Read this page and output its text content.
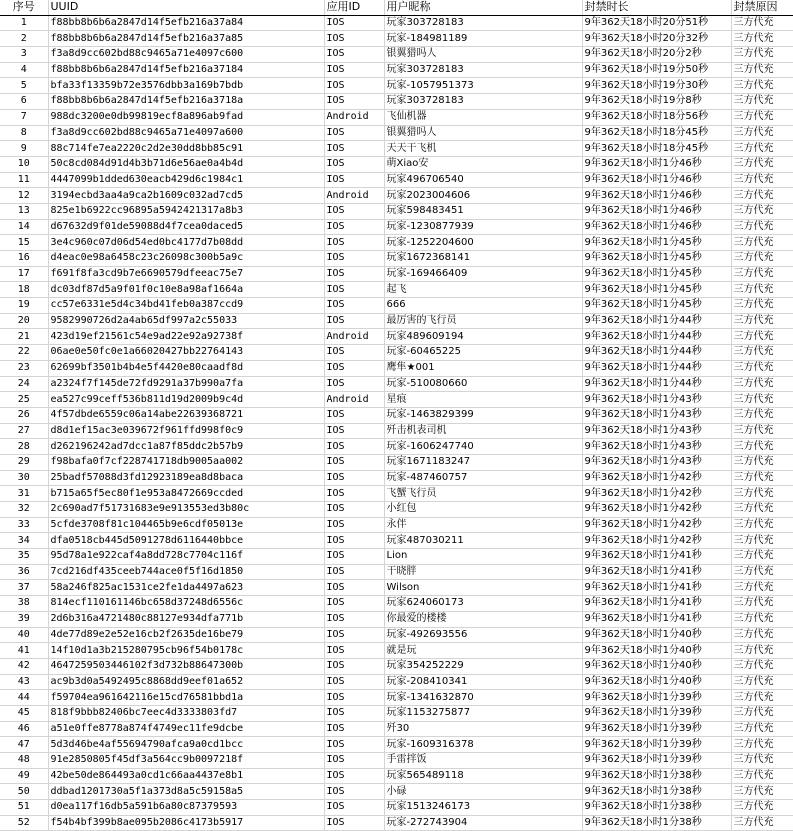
序号	UUID	应用ID	用户昵称	封禁时长	封禁原因
1	f88bb8b6b6a2847d14f5efb216a37a84	IOS	玩家303728183	9年362天18小时20分51秒	三方代充
2	f88bb8b6b6a2847d14f5efb216a37a85	IOS	玩家-184981189	9年362天18小时20分32秒	三方代充
3	f3a8d9cc602bd88c9465a71e4097c600	IOS	银翼猎吗人	9年362天18小时20分2秒	三方代充
4	f88bb8b6b6a2847d14f5efb216a37184	IOS	玩家303728183	9年362天18小时19分50秒	三方代充
5	bfa33f13359b72e3576dbb3a169b7bdb	IOS	玩家-1057951373	9年362天18小时19分30秒	三方代充
6	f88bb8b6b6a2847d14f5efb216a3718a	IOS	玩家303728183	9年362天18小时19分8秒	三方代充
7	988dc3200e0db99819ecf8a896ab9fad	Android	飞仙机器	9年362天18小时18分56秒	三方代充
8	f3a8d9cc602bd88c9465a71e4097a600	IOS	银翼猎吗人	9年362天18小时18分45秒	三方代充
9	88c714fe7ea2220c2d2e30dd8bb85c91	IOS	天天干飞机	9年362天18小时18分45秒	三方代充
10	50c8cd084d91d4b3b71d6e56ae0a4b4d	IOS	萌Xiao安	9年362天18小时1分46秒	三方代充
11	4447099b1dded630eacb429d6c1984c1	IOS	玩家496706540	9年362天18小时1分46秒	三方代充
12	3194ecbd3aa4a9ca2b1609c032ad7cd5	Android	玩家2023004606	9年362天18小时1分46秒	三方代充
13	825e1b6922cc96895a5942421317a8b3	IOS	玩家598483451	9年362天18小时1分46秒	三方代充
14	d67632d9f01de59088d4f7cea0daced5	IOS	玩家-1230877939	9年362天18小时1分46秒	三方代充
15	3e4c960c07d06d54ed0bc4177d7b08dd	IOS	玩家-1252204600	9年362天18小时1分45秒	三方代充
16	d4eac0e98a6458c23c26098c300b5a9c	IOS	玩家1672368141	9年362天18小时1分45秒	三方代充
17	f691f8fa3cd9b7e6690579dfeeac75e7	IOS	玩家-169466409	9年362天18小时1分45秒	三方代充
18	dc03df87d5a9f01f0c10e8a98af1664a	IOS	起飞	9年362天18小时1分45秒	三方代充
19	cc57e6331e5d4c34bd41feb0a387ccd9	IOS	666	9年362天18小时1分45秒	三方代充
20	9582990726d2a4ab65df997a2c55033	IOS	最厉害的飞行员	9年362天18小时1分44秒	三方代充
21	423d19ef21561c54e9ad22e92a92738f	Android	玩家489609194	9年362天18小时1分44秒	三方代充
22	06ae0e50fc0e1a66020427bb22764143	IOS	玩家-60465225	9年362天18小时1分44秒	三方代充
23	62699bf3501b4b4e5f4420e80caadf8d	IOS	鹰隼★001	9年362天18小时1分44秒	三方代充
24	a2324f7f145de72fd9291a37b990a7fa	IOS	玩家-510080660	9年362天18小时1分44秒	三方代充
25	ea527c99ceff536b811d19d2009b9c4d	Android	星痕	9年362天18小时1分43秒	三方代充
26	4f57dbde6559c06a14abe22639368721	IOS	玩家-1463829399	9年362天18小时1分43秒	三方代充
27	d8d1ef15ac3e039672f961ffd998f0c9	IOS	歼击机表司机	9年362天18小时1分43秒	三方代充
28	d262196242ad7dcc1a87f85ddc2b57b9	IOS	玩家-1606247740	9年362天18小时1分43秒	三方代充
29	f98bafa0f7cf228741718db9005aa002	IOS	玩家1671183247	9年362天18小时1分43秒	三方代充
30	25badf57088d3fd12923189ea8d8baca	IOS	玩家-487460757	9年362天18小时1分42秒	三方代充
31	b715a65f5ec80f1e953a8472669ccded	IOS	飞蟹飞行员	9年362天18小时1分42秒	三方代充
32	2c690ad7f51731683e9e913553ed3b80c	IOS	小红包	9年362天18小时1分42秒	三方代充
33	5cfde3708f81c104465b9e6cdf05013e	IOS	永伴	9年362天18小时1分42秒	三方代充
34	dfa0518cb445d5091278d6116440bbce	IOS	玩家487030211	9年362天18小时1分42秒	三方代充
35	95d78a1e922caf4a8dd728c7704c116f	IOS	Lion	9年362天18小时1分41秒	三方代充
36	7cd216df435ceeb744ace0f5f16d1850	IOS	干晓胖	9年362天18小时1分41秒	三方代充
37	58a246f825ac1531ce2fe1da4497a623	IOS	Wilson	9年362天18小时1分41秒	三方代充
38	814ecf110161146bc658d37248d6556c	IOS	玩家624060173	9年362天18小时1分41秒	三方代充
39	2d6b316a4721480c88127e934dfa771b	IOS	你最爱的楼楼	9年362天18小时1分41秒	三方代充
40	4de77d89e2e52e16cb2f2635de16be79	IOS	玩家-492693556	9年362天18小时1分40秒	三方代充
41	14f10d1a3b215280795cb96f54b0178c	IOS	就是玩	9年362天18小时1分40秒	三方代充
42	4647259503446102f3d732b88647300b	IOS	玩家354252229	9年362天18小时1分40秒	三方代充
43	ac9b3d0a5492495c8868dd9eef01a652	IOS	玩家-208410341	9年362天18小时1分40秒	三方代充
44	f59704ea961642116e15cd76581bbd1a	IOS	玩家-1341632870	9年362天18小时1分39秒	三方代充
45	818f9bbb82406bc7eec4d3333803fd7	IOS	玩家1153275877	9年362天18小时1分39秒	三方代充
46	a51e0ffe8778a874f4749ec11fe9dcbe	IOS	歼30	9年362天18小时1分39秒	三方代充
47	5d3d46be4af55694790afca9a0cd1bcc	IOS	玩家-1609316378	9年362天18小时1分39秒	三方代充
48	91e2850805f45df3a564cc9b0097218f	IOS	手雷拌饭	9年362天18小时1分39秒	三方代充
49	42be50de864493a0cd1c66aa4437e8b1	IOS	玩家565489118	9年362天18小时1分38秒	三方代充
50	ddbad1201730a5f1a373d8a5c59158a5	IOS	小碌	9年362天18小时1分38秒	三方代充
51	d0ea117f16db5a591b6a80c87379593	IOS	玩家1513246173	9年362天18小时1分38秒	三方代充
52	f54b4bf399b8ae095b2086c4173b5917	IOS	玩家-272743904	9年362天18小时1分38秒	三方代充
